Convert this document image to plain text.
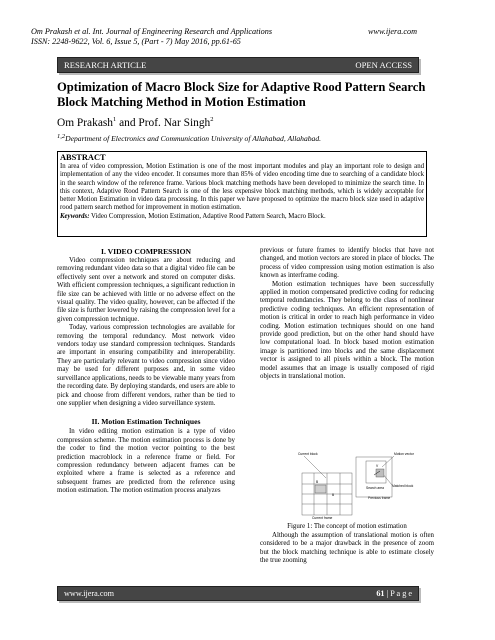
Om Prakash et al. Int. Journal of Engineering Research and Applications	www.ijera.com
ISSN: 2248-9622, Vol. 6, Issue 5, (Part - 7) May 2016, pp.61-65
RESEARCH ARTICLE	OPEN ACCESS
Optimization of Macro Block Size for Adaptive Rood Pattern Search Block Matching Method in Motion Estimation
Om Prakash$^1$ and Prof. Nar Singh$^2$
$^{1,2}$Department of Electronics and Communication University of Allahabad, Allahabad.
ABSTRACT

In area of video compression, Motion Estimation is one of the most important modules and play an important role to design and implementation of any the video encoder. It consumes more than 85% of video encoding time due to searching of a candidate block in the search window of the reference frame. Various block matching methods have been developed to minimize the search time. In this context, Adaptive Rood Pattern Search is one of the less expensive block matching methods, which is widely acceptable for better Motion Estimation in video data processing. In this paper we have proposed to optimize the macro block size used in adaptive rood pattern search method for improvement in motion estimation.

Keywords: Video Compression, Motion Estimation, Adaptive Rood Pattern Search, Macro Block.

I. VIDEO COMPRESSION

Video compression techniques are about reducing and removing redundant video data so that a digital video file can be effectively sent over a network and stored on computer disks. With efficient compression techniques, a significant reduction in file size can be achieved with little or no adverse effect on the visual quality. The video quality, however, can be affected if the file size is further lowered by raising the compression level for a given compression technique.

Today, various compression technologies are available for removing the temporal redundancy. Most network video vendors today use standard compression techniques. Standards are important in ensuring compatibility and interoperability. They are particularly relevant to video compression since video may be used for different purposes and, in some video surveillance applications, needs to be viewable many years from the recording date. By deploying standards, end users are able to pick and choose from different vendors, rather than be tied to one supplier when designing a video surveillance system.

II. Motion Estimation Techniques

In video editing motion estimation is a type of video compression scheme. The motion estimation process is done by the coder to find the motion vector pointing to the best prediction macroblock in a reference frame or field. For compression redundancy between adjacent frames can be exploited where a frame is selected as a reference and subsequent frames are predicted from the reference using motion estimation. The motion estimation process analyzes

previous or future frames to identify blocks that have not changed, and motion vectors are stored in place of blocks. The process of video compression using motion estimation is also known as interframe coding.

Motion estimation techniques have been successfully applied in motion compensated predictive coding for reducing temporal redundancies. They belong to the class of nonlinear predictive coding techniques. An efficient representation of motion is critical in order to reach high performance in video coding. Motion estimation techniques should on one hand provide good prediction, but on the other hand should have low computational load. In block based motion estimation image is partitioned into blocks and the same displacement vector is assigned to all pixels within a block. The motion model assumes that an image is usually composed of rigid objects in translational motion.

Current block	Motion vector
Search area Matched block
Previous frame
Current frame
B
B
V
Figure 1: The concept of motion estimation

Although the assumption of translational motion is often considered to be a major drawback in the presence of zoom but the block matching technique is able to estimate closely the true zooming

www.ijera.com	61 | P a g e
